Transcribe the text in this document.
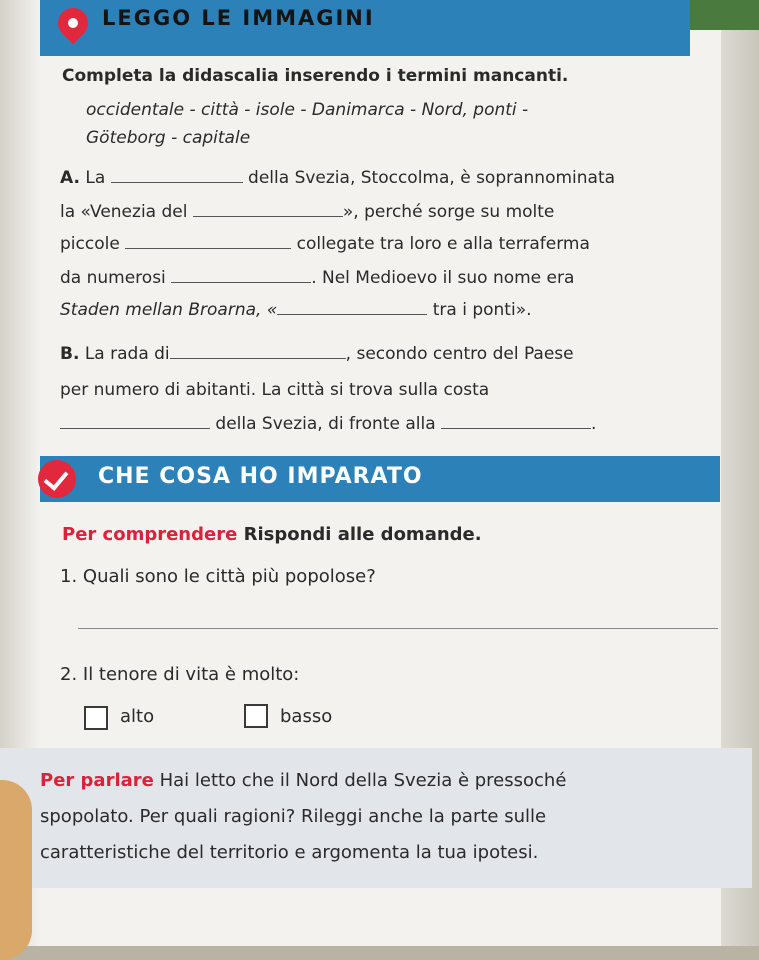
LEGGO LE IMMAGINI

Completa la didascalia inserendo i termini mancanti.

occidentale - città - isole - Danimarca - Nord, ponti -

Göteborg - capitale

A. La	della Svezia, Stoccolma, è soprannominata

la «Venezia del	», perché sorge su molte

piccole	collegate tra loro e alla terraferma

da numerosi	. Nel Medioevo il suo nome era

Staden mellan Broarna, «	tra i ponti».

B. La rada di	, secondo centro del Paese

per numero di abitanti. La città si trova sulla costa

della Svezia, di fronte alla	.

CHE COSA HO IMPARATO

Per comprendere Rispondi alle domande.

1. Quali sono le città più popolose?

2. Il tenore di vita è molto:

alto	basso

Per parlare Hai letto che il Nord della Svezia è pressoché

spopolato. Per quali ragioni? Rileggi anche la parte sulle

caratteristiche del territorio e argomenta la tua ipotesi.
